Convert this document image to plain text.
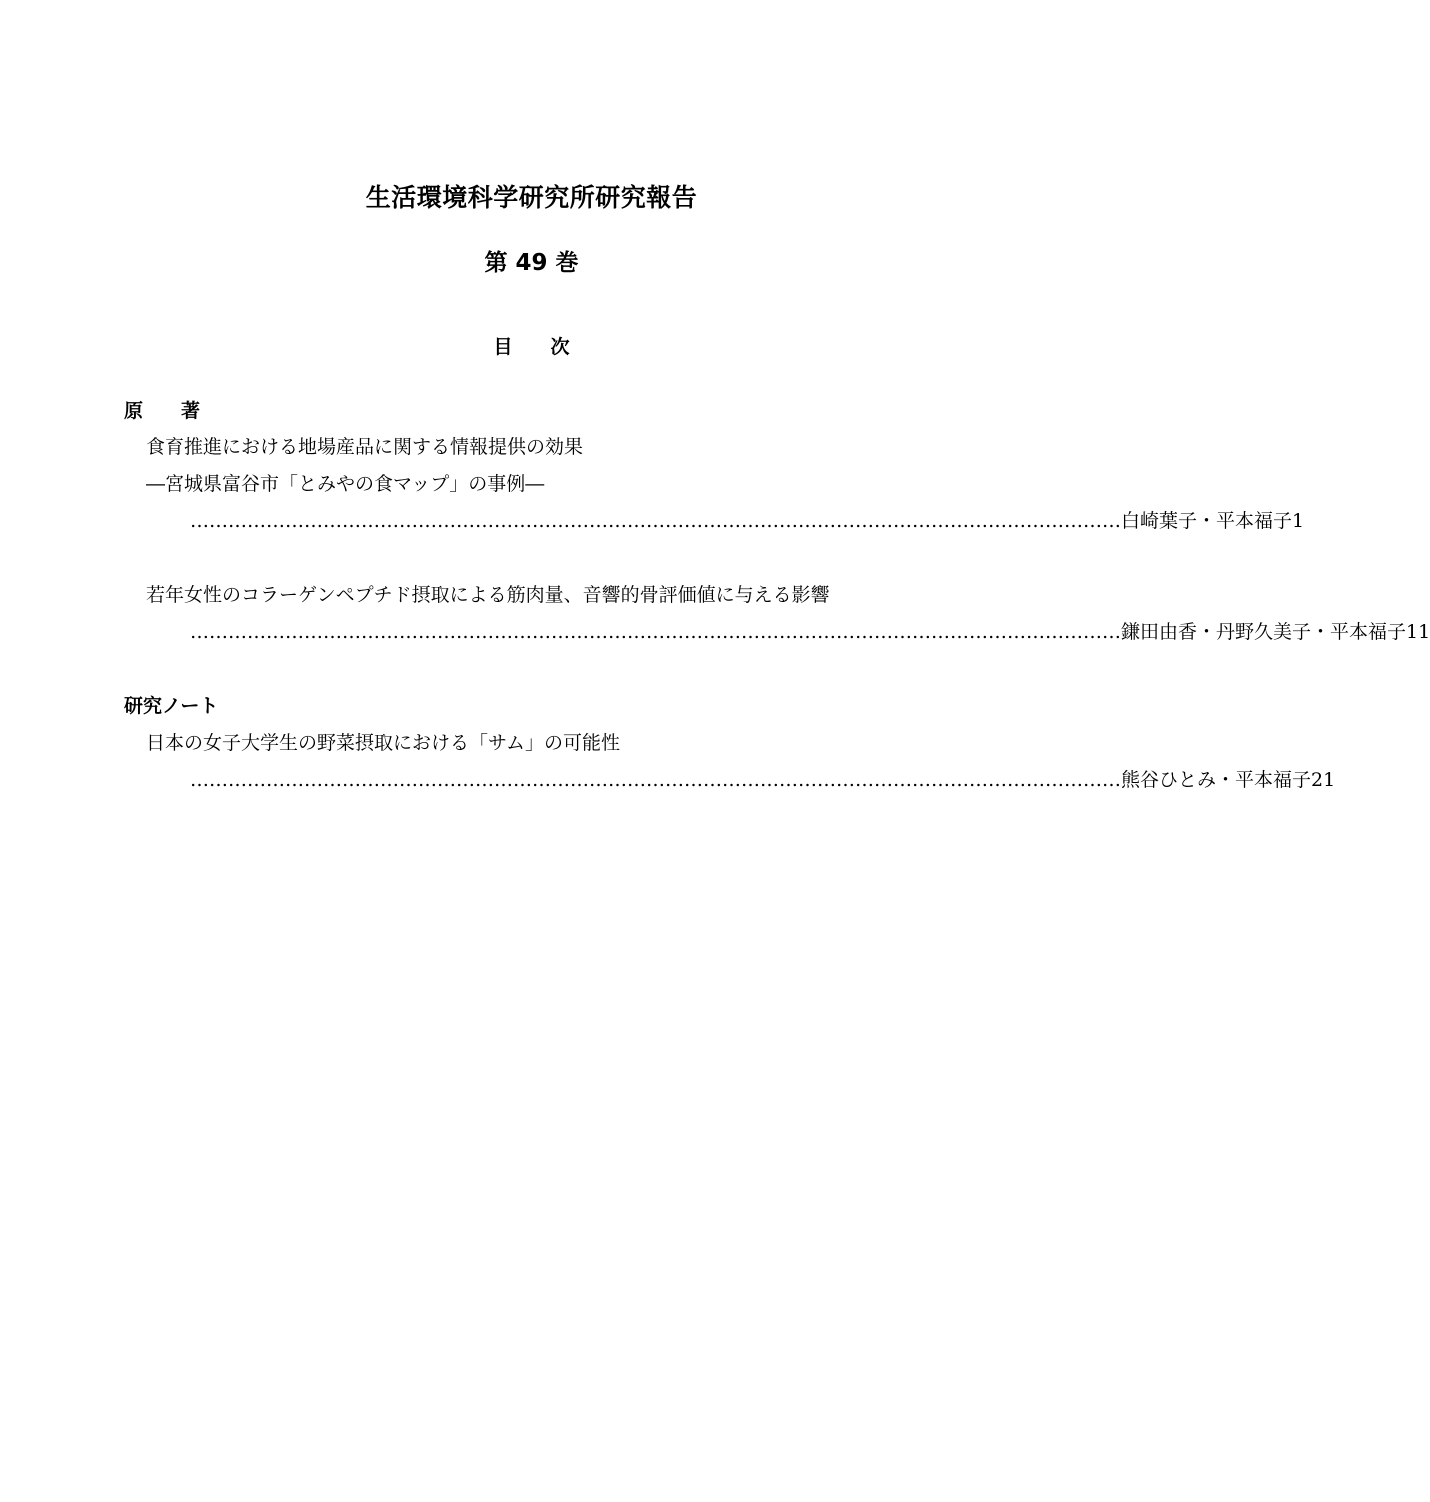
生活環境科学研究所研究報告
第 49 巻
目　　次
原　　著
食育推進における地場産品に関する情報提供の効果
―宮城県富谷市「とみやの食マップ」の事例―
………………………………………………………………………………………………………………………………… 白崎葉子・平本福子 1
若年女性のコラーゲンペプチド摂取による筋肉量、音響的骨評価値に与える影響
………………………………………………………………………………………………………………………………… 鎌田由香・丹野久美子・平本福子 11
研究ノート
日本の女子大学生の野菜摂取における「サム」の可能性
………………………………………………………………………………………………………………………………… 熊谷ひとみ・平本福子 21
